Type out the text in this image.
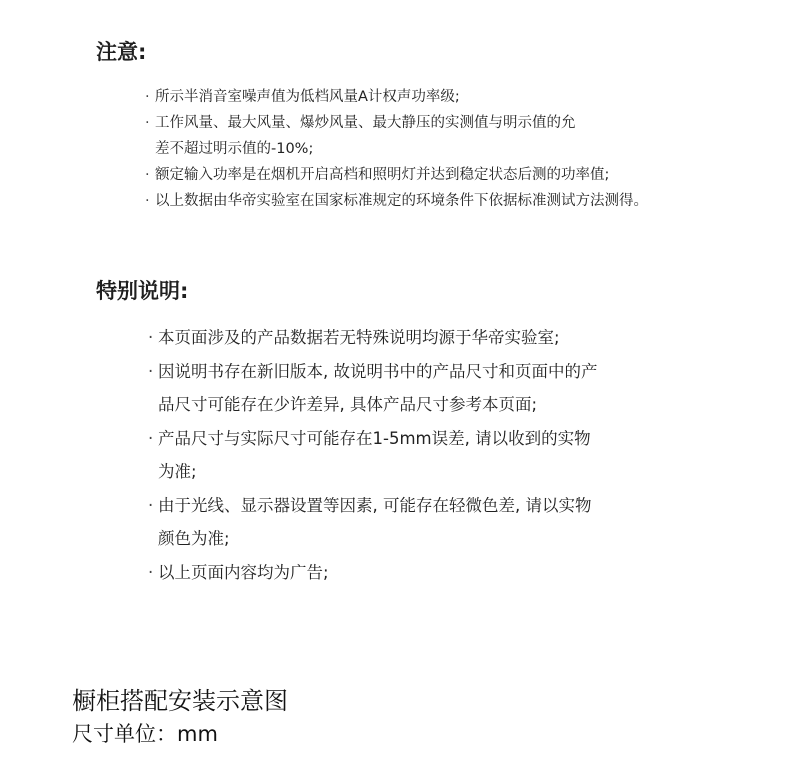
注意:
· 所示半消音室噪声值为低档风量A计权声功率级;
· 工作风量、最大风量、爆炒风量、最大静压的实测值与明示值的允
差不超过明示值的-10%;
· 额定输入功率是在烟机开启高档和照明灯并达到稳定状态后测的功率值;
· 以上数据由华帝实验室在国家标准规定的环境条件下依据标准测试方法测得。
特别说明:
· 本页面涉及的产品数据若无特殊说明均源于华帝实验室;
· 因说明书存在新旧版本, 故说明书中的产品尺寸和页面中的产
品尺寸可能存在少许差异, 具体产品尺寸参考本页面;
· 产品尺寸与实际尺寸可能存在1-5mm误差, 请以收到的实物
为准;
· 由于光线、显示器设置等因素, 可能存在轻微色差, 请以实物
颜色为准;
· 以上页面内容均为广告;
橱柜搭配安装示意图
尺寸单位：mm
